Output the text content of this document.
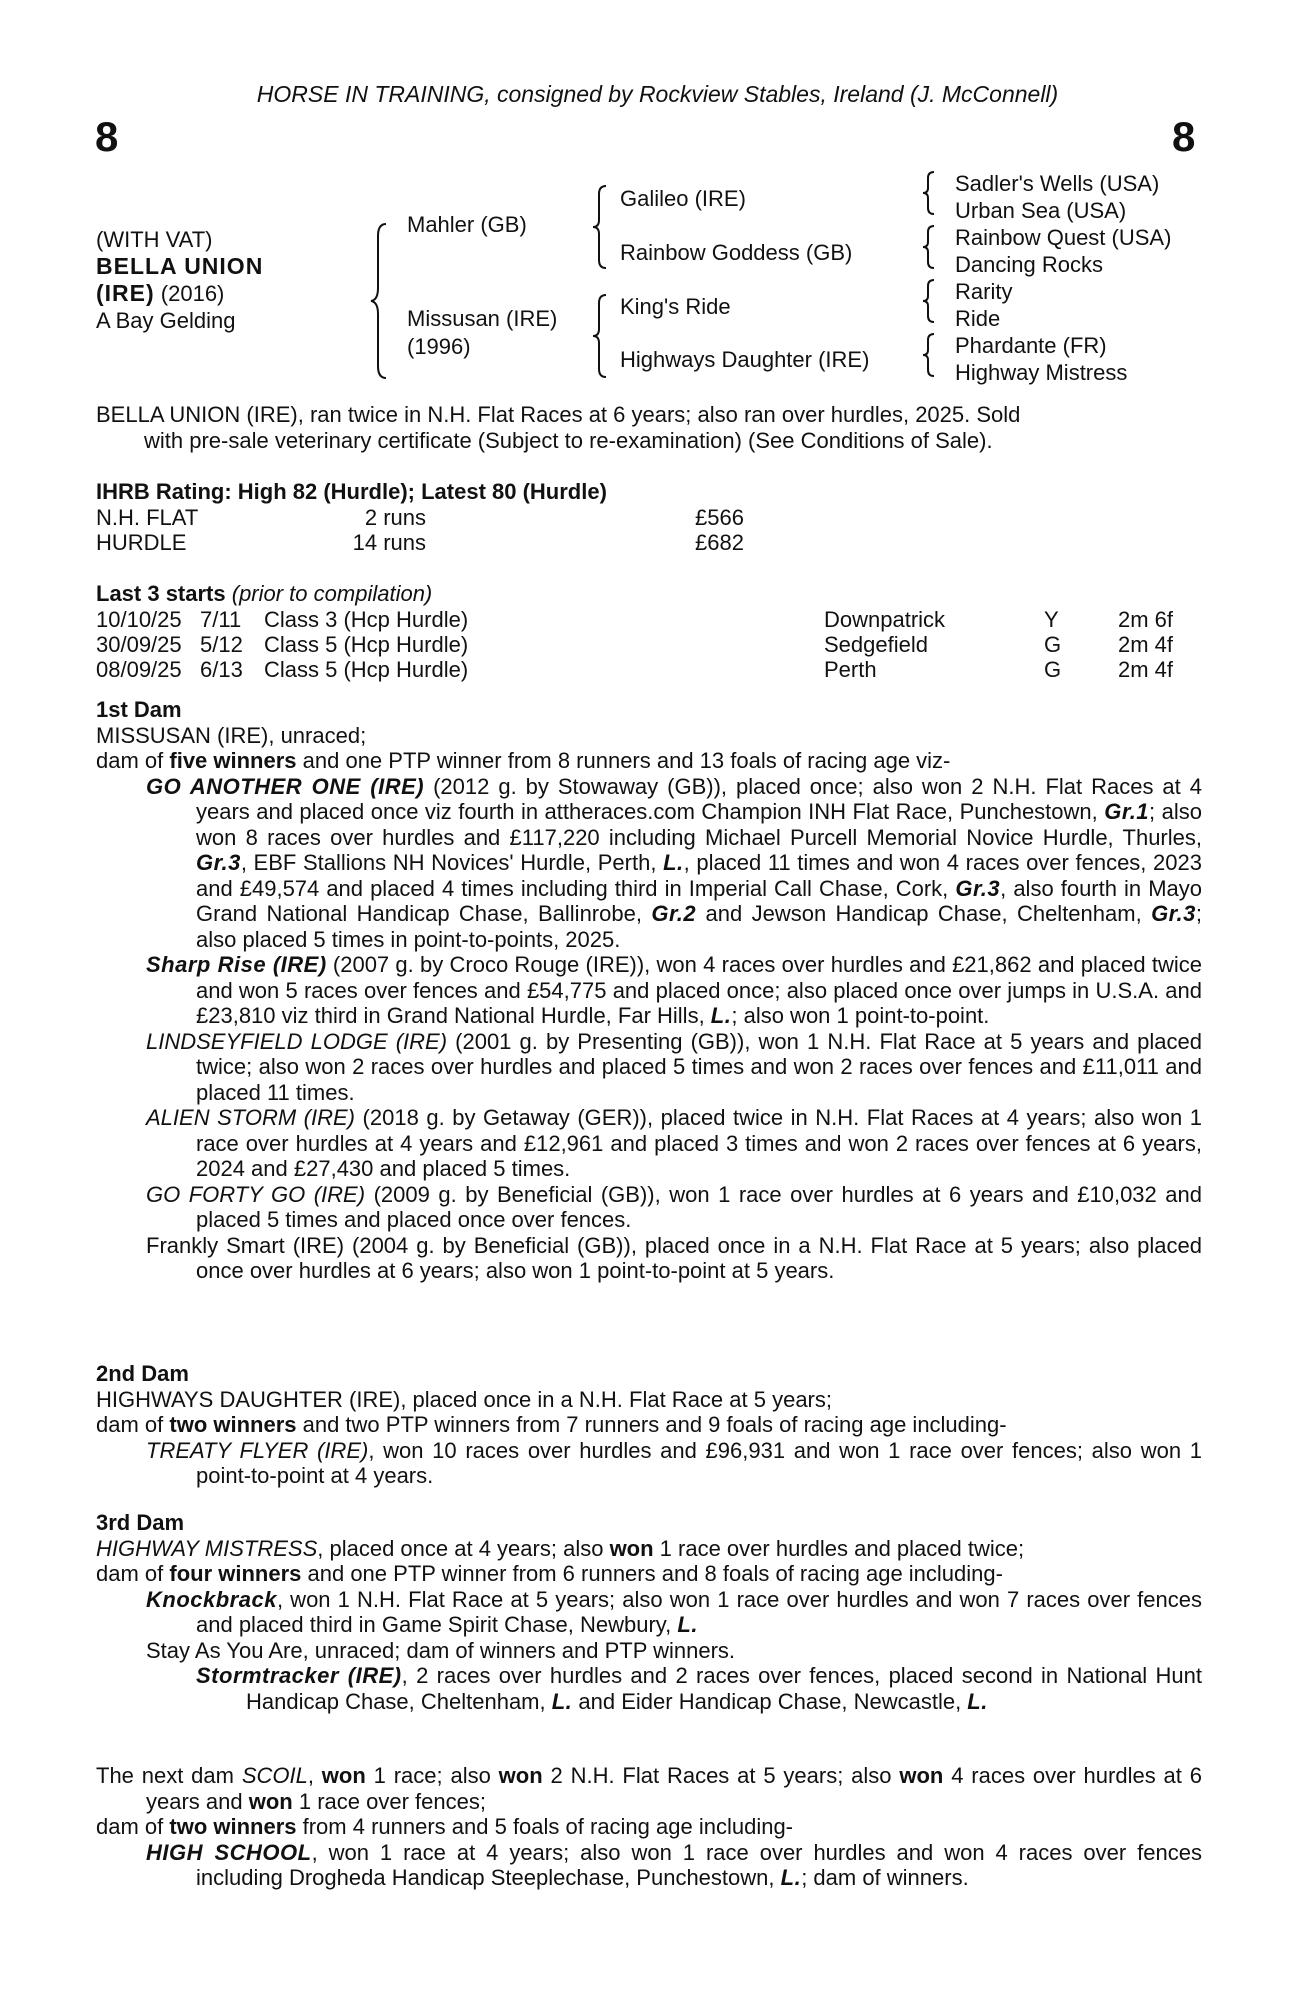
HORSE IN TRAINING, consigned by Rockview Stables, Ireland (J. McConnell)
8	8
(WITH VAT)
BELLA UNION
(IRE) (2016)
A Bay Gelding
Mahler (GB)
Missusan (IRE)
(1996)
Galileo (IRE)
Rainbow Goddess (GB)
King's Ride
Highways Daughter (IRE)
Sadler's Wells (USA)
Urban Sea (USA)
Rainbow Quest (USA)
Dancing Rocks
Rarity
Ride
Phardante (FR)
Highway Mistress
BELLA UNION (IRE), ran twice in N.H. Flat Races at 6 years; also ran over hurdles, 2025. Sold
with pre-sale veterinary certificate (Subject to re-examination) (See Conditions of Sale).
IHRB Rating: High 82 (Hurdle); Latest 80 (Hurdle)
N.H. FLAT	2 runs	£566
HURDLE	14 runs	£682
Last 3 starts (prior to compilation)
10/10/25	7/11	Class 3 (Hcp Hurdle)	Downpatrick	Y	2m 6f
30/09/25	5/12	Class 5 (Hcp Hurdle)	Sedgefield	G	2m 4f
08/09/25	6/13	Class 5 (Hcp Hurdle)	Perth	G	2m 4f
1st Dam
MISSUSAN (IRE), unraced;
dam of five winners and one PTP winner from 8 runners and 13 foals of racing age viz-
GO ANOTHER ONE (IRE) (2012 g. by Stowaway (GB)), placed once; also won 2 N.H. Flat Races at 4 years and placed once viz fourth in attheraces.com Champion INH Flat Race, Punchestown, Gr.1; also won 8 races over hurdles and £117,220 including Michael Purcell Memorial Novice Hurdle, Thurles, Gr.3, EBF Stallions NH Novices' Hurdle, Perth, L., placed 11 times and won 4 races over fences, 2023 and £49,574 and placed 4 times including third in Imperial Call Chase, Cork, Gr.3, also fourth in Mayo Grand National Handicap Chase, Ballinrobe, Gr.2 and Jewson Handicap Chase, Cheltenham, Gr.3; also placed 5 times in point-to-points, 2025.
Sharp Rise (IRE) (2007 g. by Croco Rouge (IRE)), won 4 races over hurdles and £21,862 and placed twice and won 5 races over fences and £54,775 and placed once; also placed once over jumps in U.S.A. and £23,810 viz third in Grand National Hurdle, Far Hills, L.; also won 1 point-to-point.
LINDSEYFIELD LODGE (IRE) (2001 g. by Presenting (GB)), won 1 N.H. Flat Race at 5 years and placed twice; also won 2 races over hurdles and placed 5 times and won 2 races over fences and £11,011 and placed 11 times.
ALIEN STORM (IRE) (2018 g. by Getaway (GER)), placed twice in N.H. Flat Races at 4 years; also won 1 race over hurdles at 4 years and £12,961 and placed 3 times and won 2 races over fences at 6 years, 2024 and £27,430 and placed 5 times.
GO FORTY GO (IRE) (2009 g. by Beneficial (GB)), won 1 race over hurdles at 6 years and £10,032 and placed 5 times and placed once over fences.
Frankly Smart (IRE) (2004 g. by Beneficial (GB)), placed once in a N.H. Flat Race at 5 years; also placed once over hurdles at 6 years; also won 1 point-to-point at 5 years.
2nd Dam
HIGHWAYS DAUGHTER (IRE), placed once in a N.H. Flat Race at 5 years;
dam of two winners and two PTP winners from 7 runners and 9 foals of racing age including-
TREATY FLYER (IRE), won 10 races over hurdles and £96,931 and won 1 race over fences; also won 1 point-to-point at 4 years.
3rd Dam
HIGHWAY MISTRESS, placed once at 4 years; also won 1 race over hurdles and placed twice;
dam of four winners and one PTP winner from 6 runners and 8 foals of racing age including-
Knockbrack, won 1 N.H. Flat Race at 5 years; also won 1 race over hurdles and won 7 races over fences and placed third in Game Spirit Chase, Newbury, L.
Stay As You Are, unraced; dam of winners and PTP winners.
Stormtracker (IRE), 2 races over hurdles and 2 races over fences, placed second in National Hunt Handicap Chase, Cheltenham, L. and Eider Handicap Chase, Newcastle, L.
The next dam SCOIL, won 1 race; also won 2 N.H. Flat Races at 5 years; also won 4 races over hurdles at 6 years and won 1 race over fences;
dam of two winners from 4 runners and 5 foals of racing age including-
HIGH SCHOOL, won 1 race at 4 years; also won 1 race over hurdles and won 4 races over fences including Drogheda Handicap Steeplechase, Punchestown, L.; dam of winners.
